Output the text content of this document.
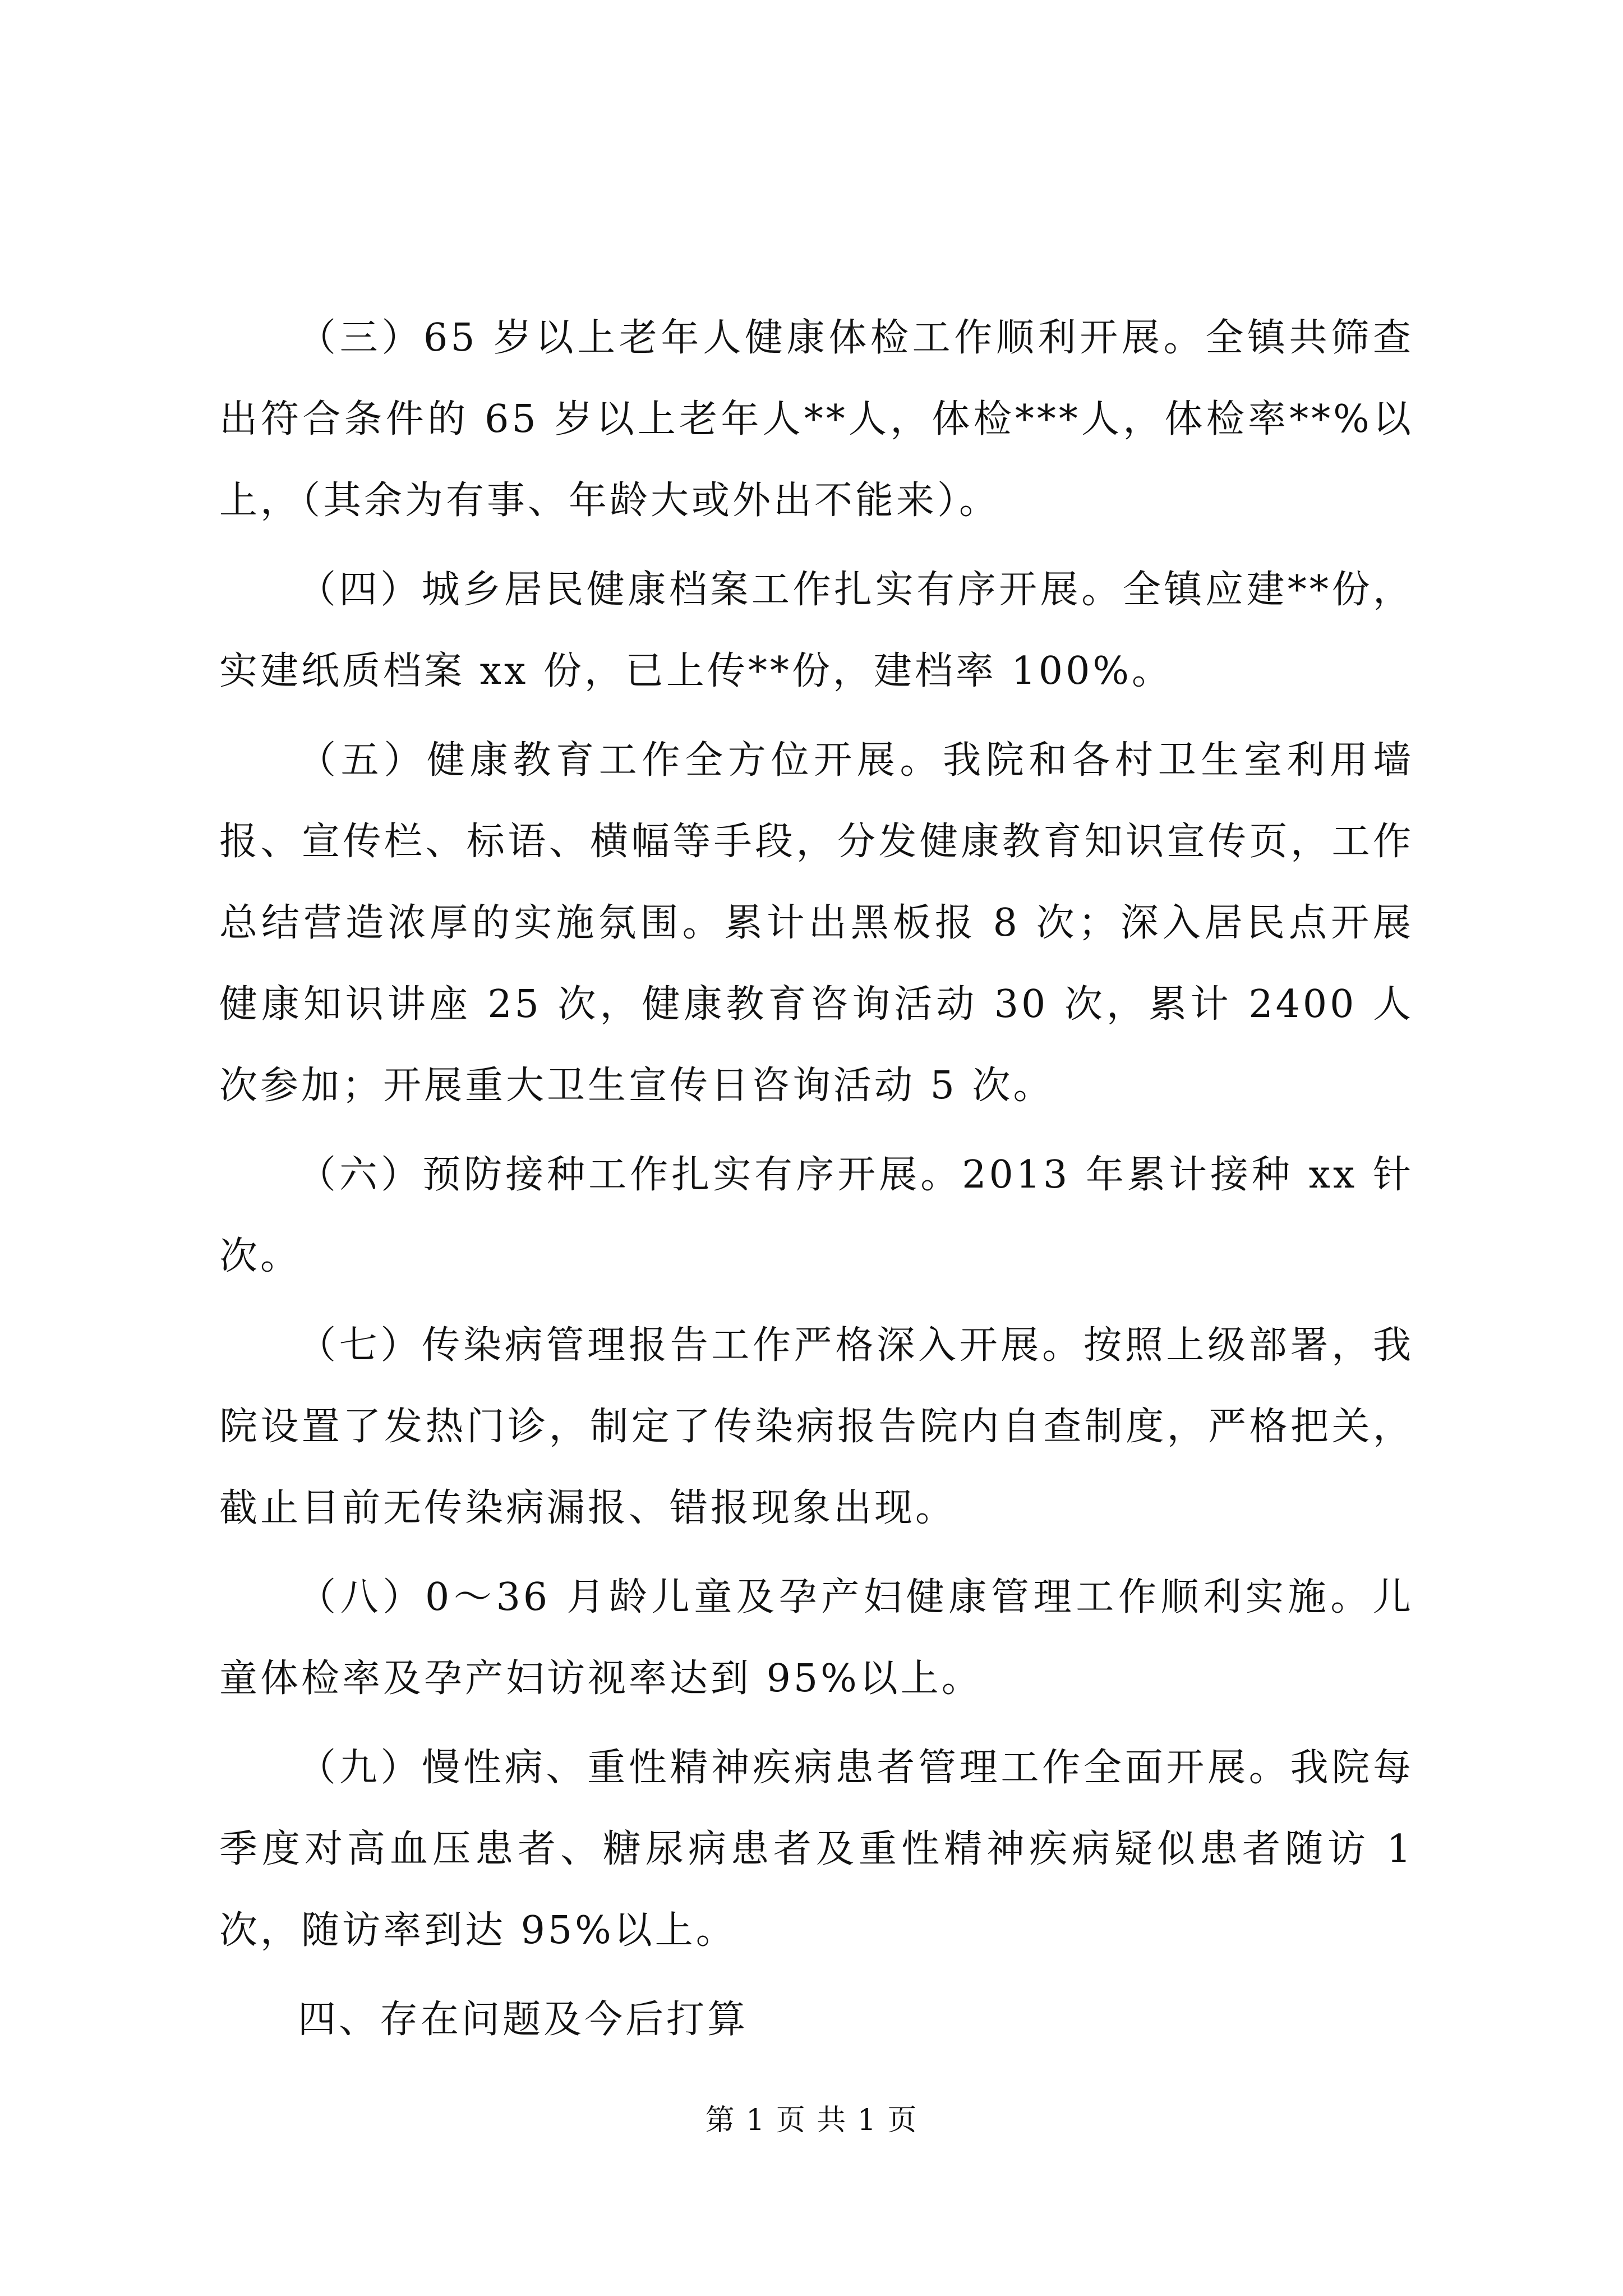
（三）65 岁以上老年人健康体检工作顺利开展。全镇共筛查出符合条件的 65 岁以上老年人**人，体检***人，体检率**%以上，（其余为有事、年龄大或外出不能来）。

（四）城乡居民健康档案工作扎实有序开展。全镇应建**份，实建纸质档案 xx 份，已上传**份，建档率 100%。

（五）健康教育工作全方位开展。我院和各村卫生室利用墙报、宣传栏、标语、横幅等手段，分发健康教育知识宣传页，工作总结营造浓厚的实施氛围。累计出黑板报 8 次；深入居民点开展健康知识讲座 25 次，健康教育咨询活动 30 次，累计 2400 人次参加；开展重大卫生宣传日咨询活动 5 次。

（六）预防接种工作扎实有序开展。2013 年累计接种 xx 针次。

（七）传染病管理报告工作严格深入开展。按照上级部署，我院设置了发热门诊，制定了传染病报告院内自查制度，严格把关，截止目前无传染病漏报、错报现象出现。

（八）0～36 月龄儿童及孕产妇健康管理工作顺利实施。儿童体检率及孕产妇访视率达到 95%以上。

（九）慢性病、重性精神疾病患者管理工作全面开展。我院每季度对高血压患者、糖尿病患者及重性精神疾病疑似患者随访 1 次，随访率到达 95%以上。

四、存在问题及今后打算

第 1 页 共 1 页
